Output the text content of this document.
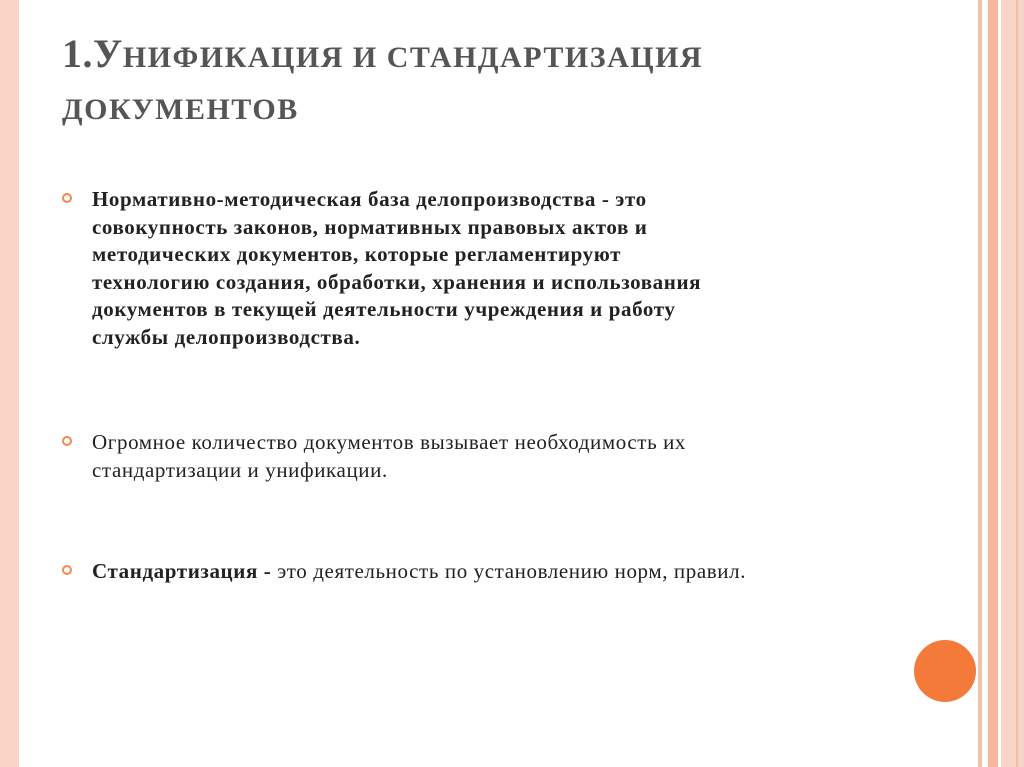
1.УНИФИКАЦИЯ И СТАНДАРТИЗАЦИЯ
ДОКУМЕНТОВ
Нормативно-методическая база делопроизводства - это
совокупность законов, нормативных правовых актов и
методических документов, которые регламентируют
технологию создания, обработки, хранения и использования
документов в текущей деятельности учреждения и работу
службы делопроизводства.
Огромное количество документов вызывает необходимость их
стандартизации и унификации.
Стандартизация - это деятельность по установлению норм, правил.
